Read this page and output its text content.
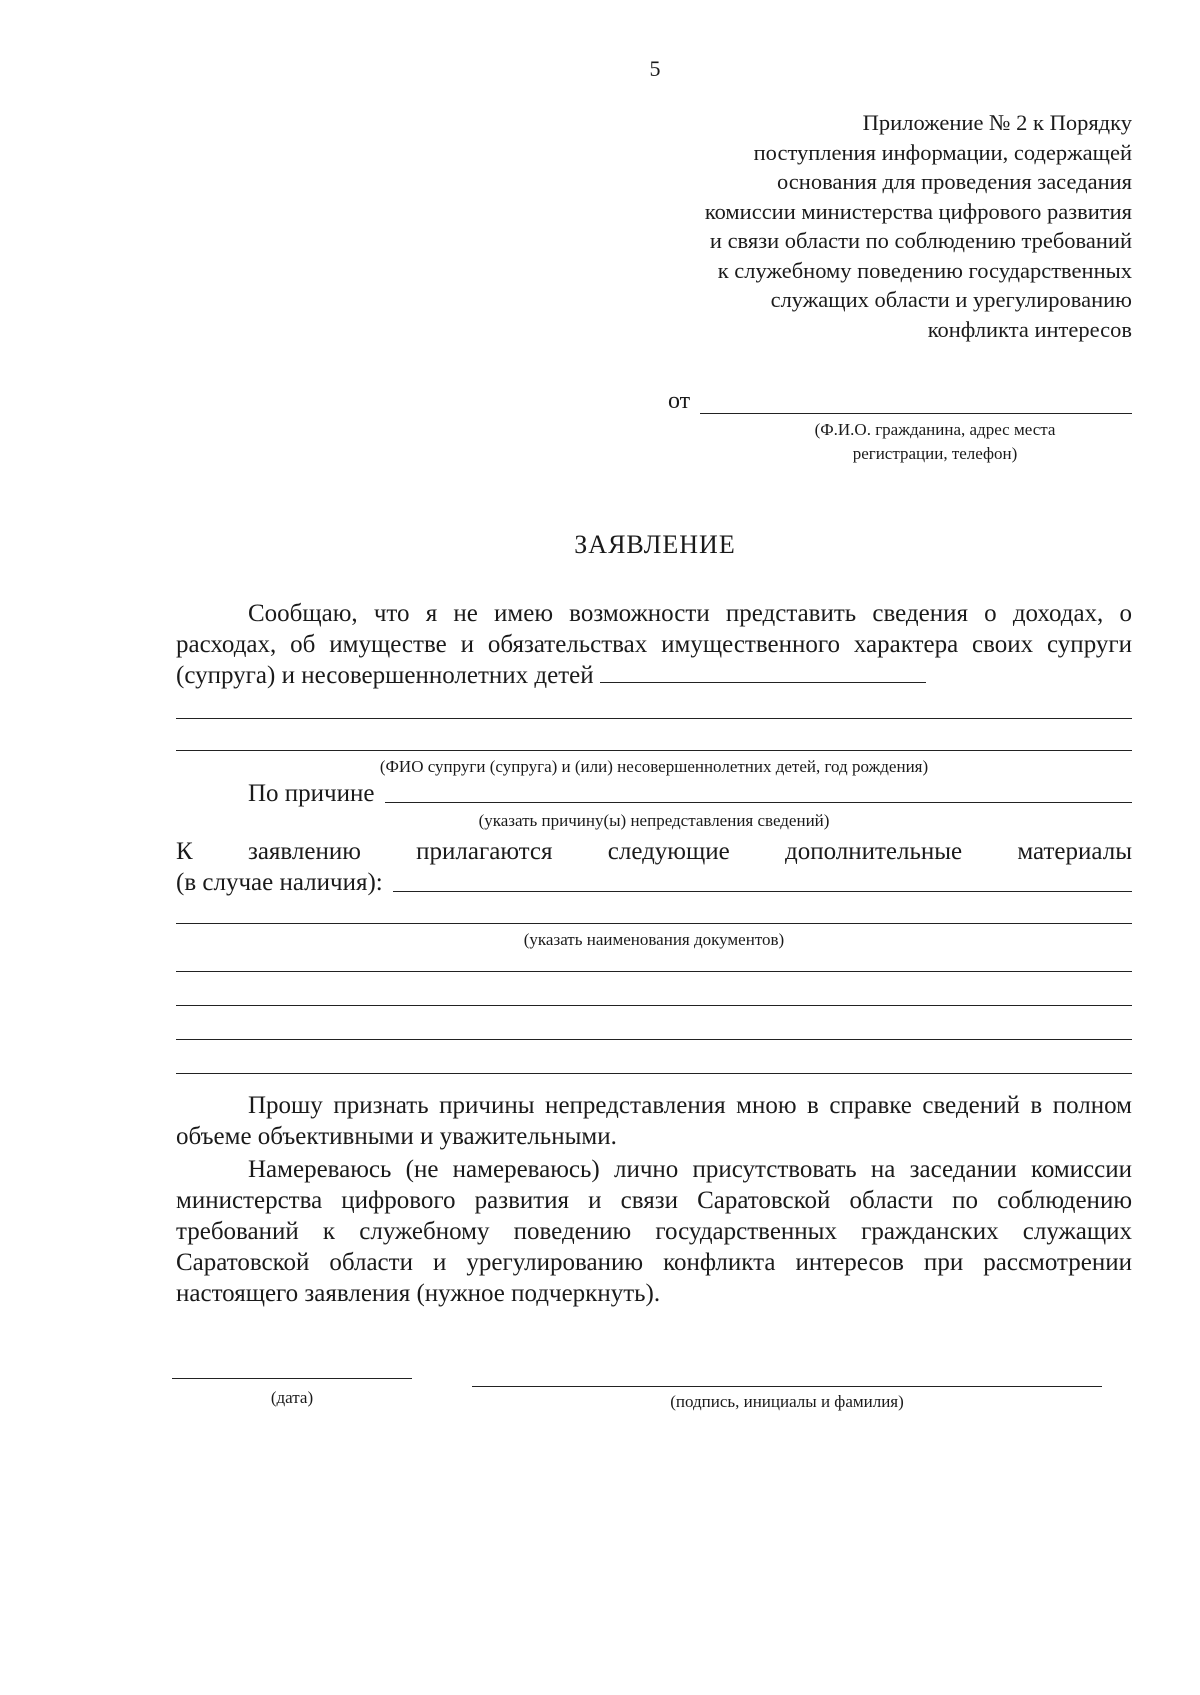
5
Приложение № 2 к Порядку
поступления информации, содержащей
основания для проведения заседания
комиссии министерства цифрового развития
и связи области по соблюдению требований
к служебному поведению государственных
служащих области и урегулированию
конфликта интересов
от
(Ф.И.О. гражданина, адрес места
регистрации, телефон)
ЗАЯВЛЕНИЕ
Сообщаю, что я не имею возможности представить сведения о доходах, о расходах, об имуществе и обязательствах имущественного характера своих супруги (супруга) и несовершеннолетних детей
(ФИО супруги (супруга) и (или) несовершеннолетних детей, год рождения)
По причине
(указать причину(ы) непредставления сведений)
К заявлению прилагаются следующие дополнительные материалы
(в случае наличия):
(указать наименования документов)
Прошу признать причины непредставления мною в справке сведений в полном объеме объективными и уважительными.
Намереваюсь (не намереваюсь) лично присутствовать на заседании комиссии министерства цифрового развития и связи Саратовской области по соблюдению требований к служебному поведению государственных гражданских служащих Саратовской области и урегулированию конфликта интересов при рассмотрении настоящего заявления (нужное подчеркнуть).
(дата)	(подпись, инициалы и фамилия)
